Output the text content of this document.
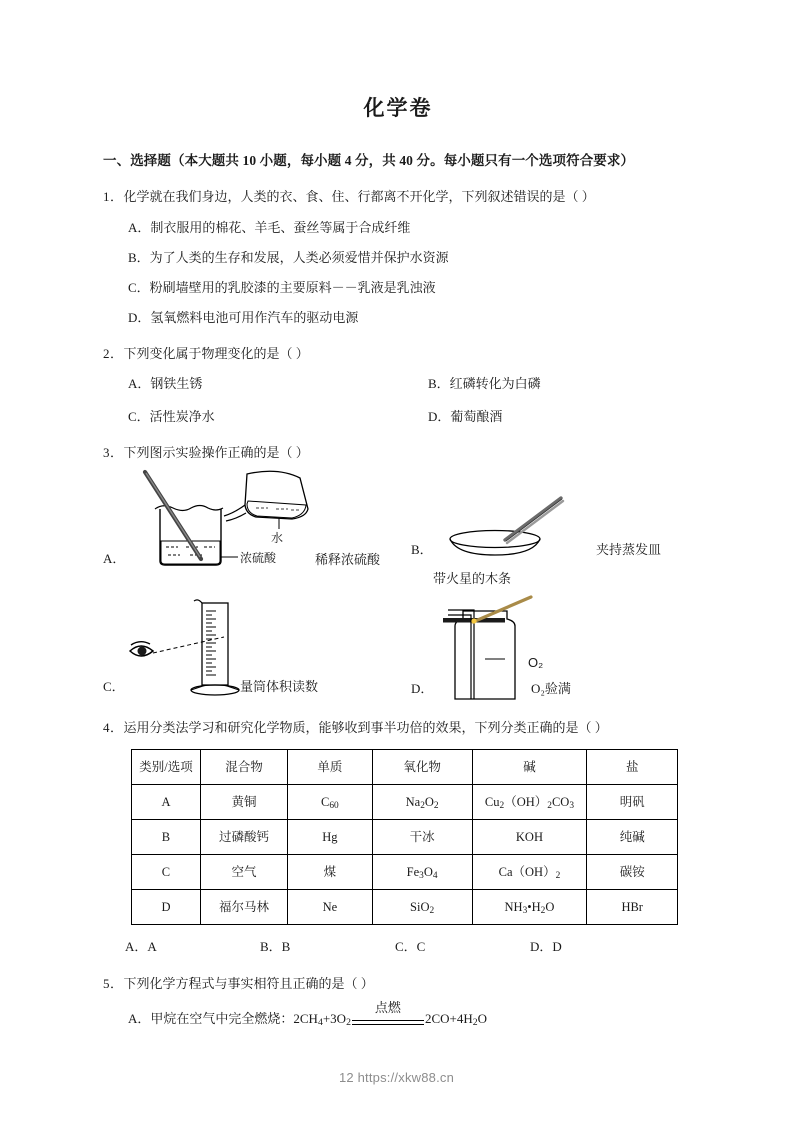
化学卷
一、选择题（本大题共 10 小题，每小题 4 分，共 40 分。每小题只有一个选项符合要求）
1．化学就在我们身边，人类的衣、食、住、行都离不开化学，下列叙述错误的是（ ）
A．制衣服用的棉花、羊毛、蚕丝等属于合成纤维
B．为了人类的生存和发展，人类必须爱惜并保护水资源
C．粉刷墙壁用的乳胶漆的主要原料－－乳液是乳浊液
D．氢氧燃料电池可用作汽车的驱动电源
2．下列变化属于物理变化的是（ ）
A．钢铁生锈	B．红磷转化为白磷
C．活性炭净水	D．葡萄酿酒
3．下列图示实验操作正确的是（ ）
水
浓硫酸
A．	稀释浓硫酸
B．	夹持蒸发皿
C．	量筒体积读数
带火星的木条
O₂
D．	O₂验满
4．运用分类法学习和研究化学物质，能够收到事半功倍的效果，下列分类正确的是（ ）
类别/选项	混合物	单质	氧化物	碱	盐
A	黄铜	$C_{60}$	$Na_2O_2$	$Cu_2(OH)_2CO_3$	明矾
B	过磷酸钙	Hg	干冰	KOH	纯碱
C	空气	煤	$Fe_3O_4$	$Ca(OH)_2$	碳铵
D	福尔马林	Ne	SiO$_2$	$NH_3•H_2O$	HBr
A．A	B．B	C．C	D．D
5．下列化学方程式与事实相符且正确的是（ ）
A．甲烷在空气中完全燃烧： $2CH_4+3O_2$
点燃
$2CO+4H_2O$
12 https://xkw88.cn
